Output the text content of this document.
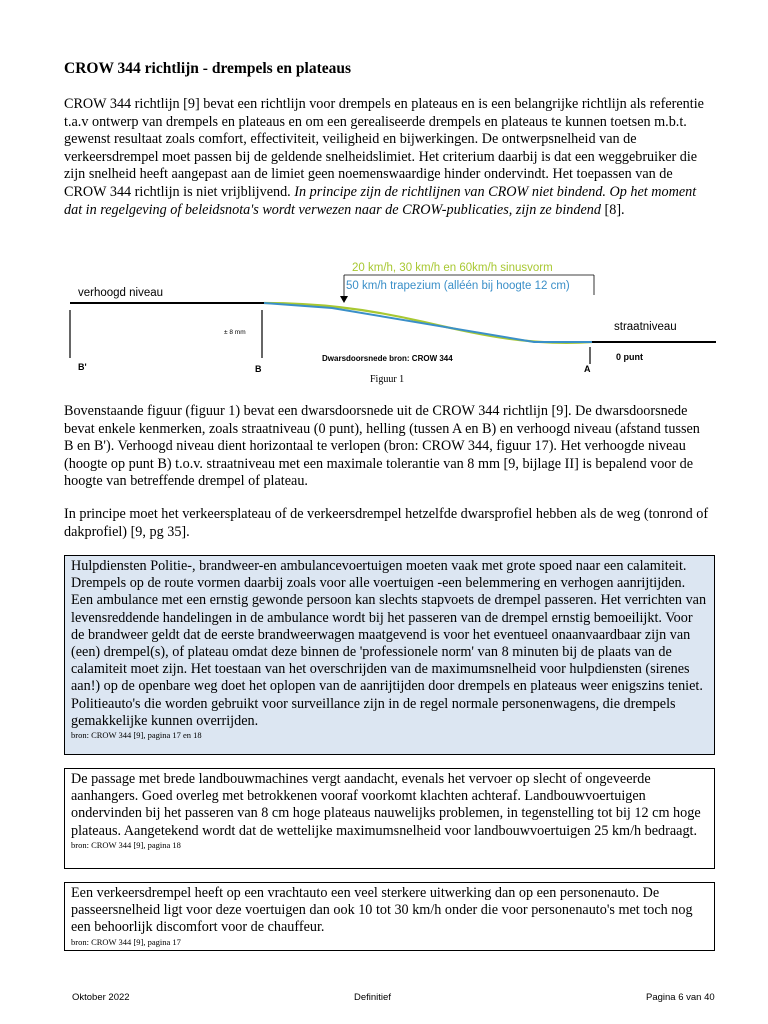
CROW 344 richtlijn - drempels en plateaus

CROW 344 richtlijn [9] bevat een richtlijn voor drempels en plateaus en is een belangrijke richtlijn als referentie t.a.v ontwerp van drempels en plateaus en om een gerealiseerde drempels en plateaus te kunnen toetsen m.b.t. gewenst resultaat zoals comfort, effectiviteit, veiligheid en bijwerkingen. De ontwerpsnelheid van de verkeersdrempel moet passen bij de geldende snelheidslimiet. Het criterium daarbij is dat een weggebruiker die zijn snelheid heeft aangepast aan de limiet geen noemenswaardige hinder ondervindt. Het toepassen van de CROW 344 richtlijn is niet vrijblijvend. In principe zijn de richtlijnen van CROW niet bindend. Op het moment dat in regelgeving of beleidsnota's wordt verwezen naar de CROW-publicaties, zijn ze bindend [8].

20 km/h, 30 km/h en 60km/h sinusvorm
50 km/h trapezium (alléén bij hoogte 12 cm)
verhoogd niveau
straatniveau
± 8 mm
Dwarsdoorsnede bron: CROW 344
B'	B	A
0 punt
Figuur 1

Bovenstaande figuur (figuur 1) bevat een dwarsdoorsnede uit de CROW 344 richtlijn [9]. De dwarsdoorsnede bevat enkele kenmerken, zoals straatniveau (0 punt), helling (tussen A en B) en verhoogd niveau (afstand tussen B en B'). Verhoogd niveau dient horizontaal te verlopen (bron: CROW 344, figuur 17). Het verhoogde niveau (hoogte op punt B) t.o.v. straatniveau met een maximale tolerantie van 8 mm [9, bijlage II] is bepalend voor de hoogte van betreffende drempel of plateau.

In principe moet het verkeersplateau of de verkeersdrempel hetzelfde dwarsprofiel hebben als de weg (tonrond of dakprofiel) [9, pg 35].

Hulpdiensten Politie-, brandweer-en ambulancevoertuigen moeten vaak met grote spoed naar een calamiteit. Drempels op de route vormen daarbij zoals voor alle voertuigen -een belemmering en verhogen aanrijtijden. Een ambulance met een ernstig gewonde persoon kan slechts stapvoets de drempel passeren. Het verrichten van levensreddende handelingen in de ambulance wordt bij het passeren van de drempel ernstig bemoeilijkt. Voor de brandweer geldt dat de eerste brandweerwagen maatgevend is voor het eventueel onaanvaardbaar zijn van (een) drempel(s), of plateau omdat deze binnen de 'professionele norm' van 8 minuten bij de plaats van de calamiteit moet zijn. Het toestaan van het overschrijden van de maximumsnelheid voor hulpdiensten (sirenes aan!) op de openbare weg doet het oplopen van de aanrijtijden door drempels en plateaus weer enigszins teniet. Politieauto's die worden gebruikt voor surveillance zijn in de regel normale personenwagens, die drempels gemakkelijke kunnen overrijden.
bron: CROW 344 [9], pagina 17 en 18
De passage met brede landbouwmachines vergt aandacht, evenals het vervoer op slecht of ongeveerde aanhangers. Goed overleg met betrokkenen vooraf voorkomt klachten achteraf. Landbouwvoertuigen ondervinden bij het passeren van 8 cm hoge plateaus nauwelijks problemen, in tegenstelling tot bij 12 cm hoge plateaus. Aangetekend wordt dat de wettelijke maximumsnelheid voor landbouwvoertuigen 25 km/h bedraagt.
bron: CROW 344 [9], pagina 18
Een verkeersdrempel heeft op een vrachtauto een veel sterkere uitwerking dan op een personenauto. De passeersnelheid ligt voor deze voertuigen dan ook 10 tot 30 km/h onder die voor personenauto's met toch nog een behoorlijk discomfort voor de chauffeur.
bron: CROW 344 [9], pagina 17
Oktober 2022	Definitief	Pagina 6 van 40
